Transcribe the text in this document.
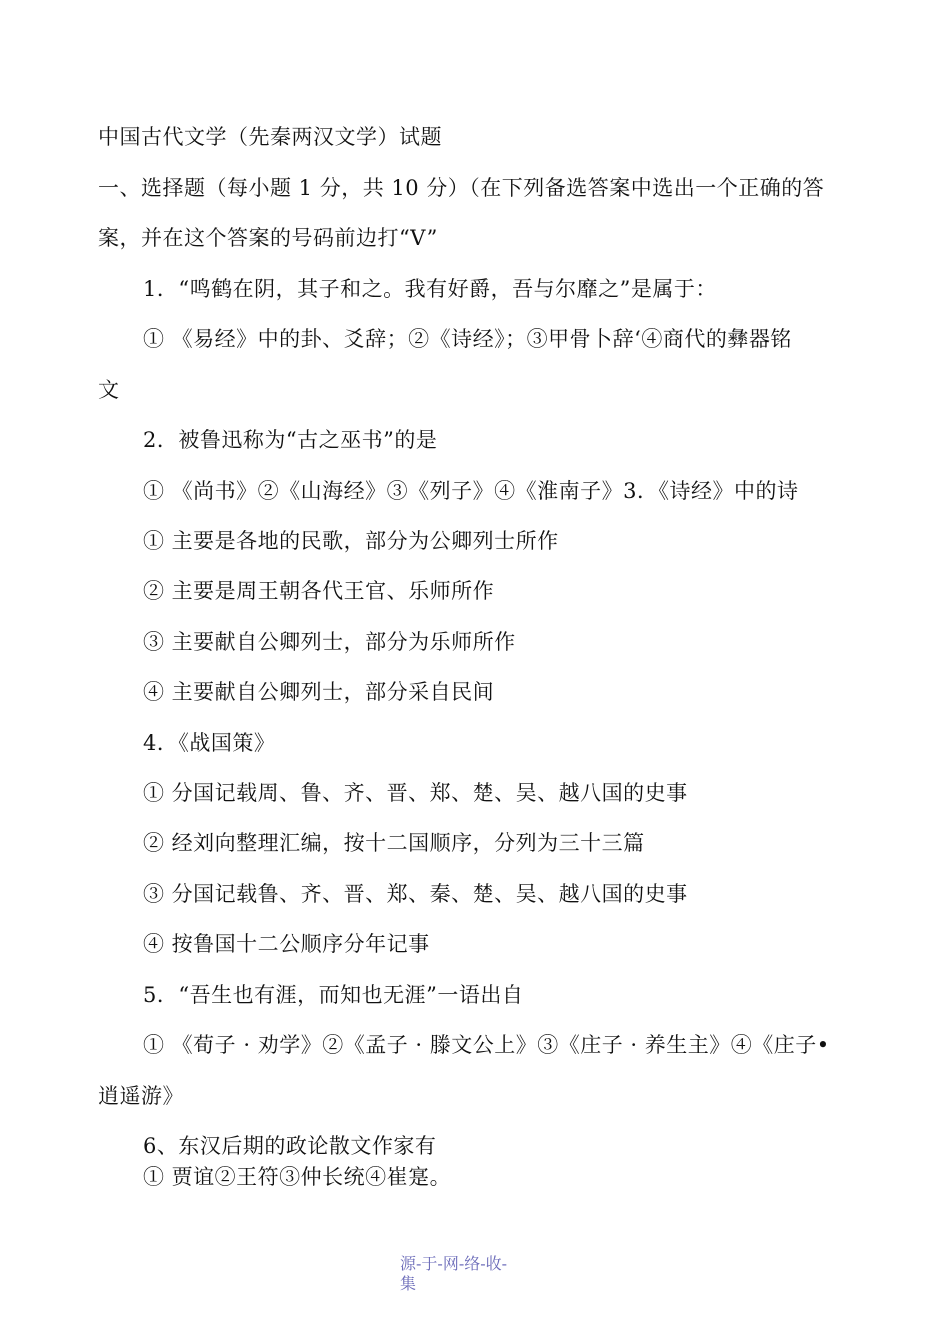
中国古代文学（先秦两汉文学）试题
一、选择题（每小题 1 分，共 10 分）（在下列备选答案中选出一个正确的答
案，并在这个答案的号码前边打“V”
1．“鸣鹤在阴，其子和之。我有好爵，吾与尔靡之”是属于：
① 《易经》中的卦、爻辞；②《诗经》；③甲骨卜辞‘④商代的彝器铭
文
2．被鲁迅称为“古之巫书”的是
① 《尚书》②《山海经》③《列子》④《淮南子》3．《诗经》中的诗
① 主要是各地的民歌，部分为公卿列士所作
② 主要是周王朝各代王官、乐师所作
③ 主要献自公卿列士，部分为乐师所作
④ 主要献自公卿列士，部分采自民间
4．《战国策》
① 分国记载周、鲁、齐、晋、郑、楚、吴、越八国的史事
② 经刘向整理汇编，按十二国顺序，分列为三十三篇
③ 分国记载鲁、齐、晋、郑、秦、楚、吴、越八国的史事
④ 按鲁国十二公顺序分年记事
5．“吾生也有涯，而知也无涯”一语出自
① 《荀子 · 劝学》②《孟子 · 滕文公上》③《庄子 · 养生主》④《庄子•
逍遥游》
6、东汉后期的政论散文作家有
① 贾谊②王符③仲长统④崔寔。
源-于-网-络-收-
集
